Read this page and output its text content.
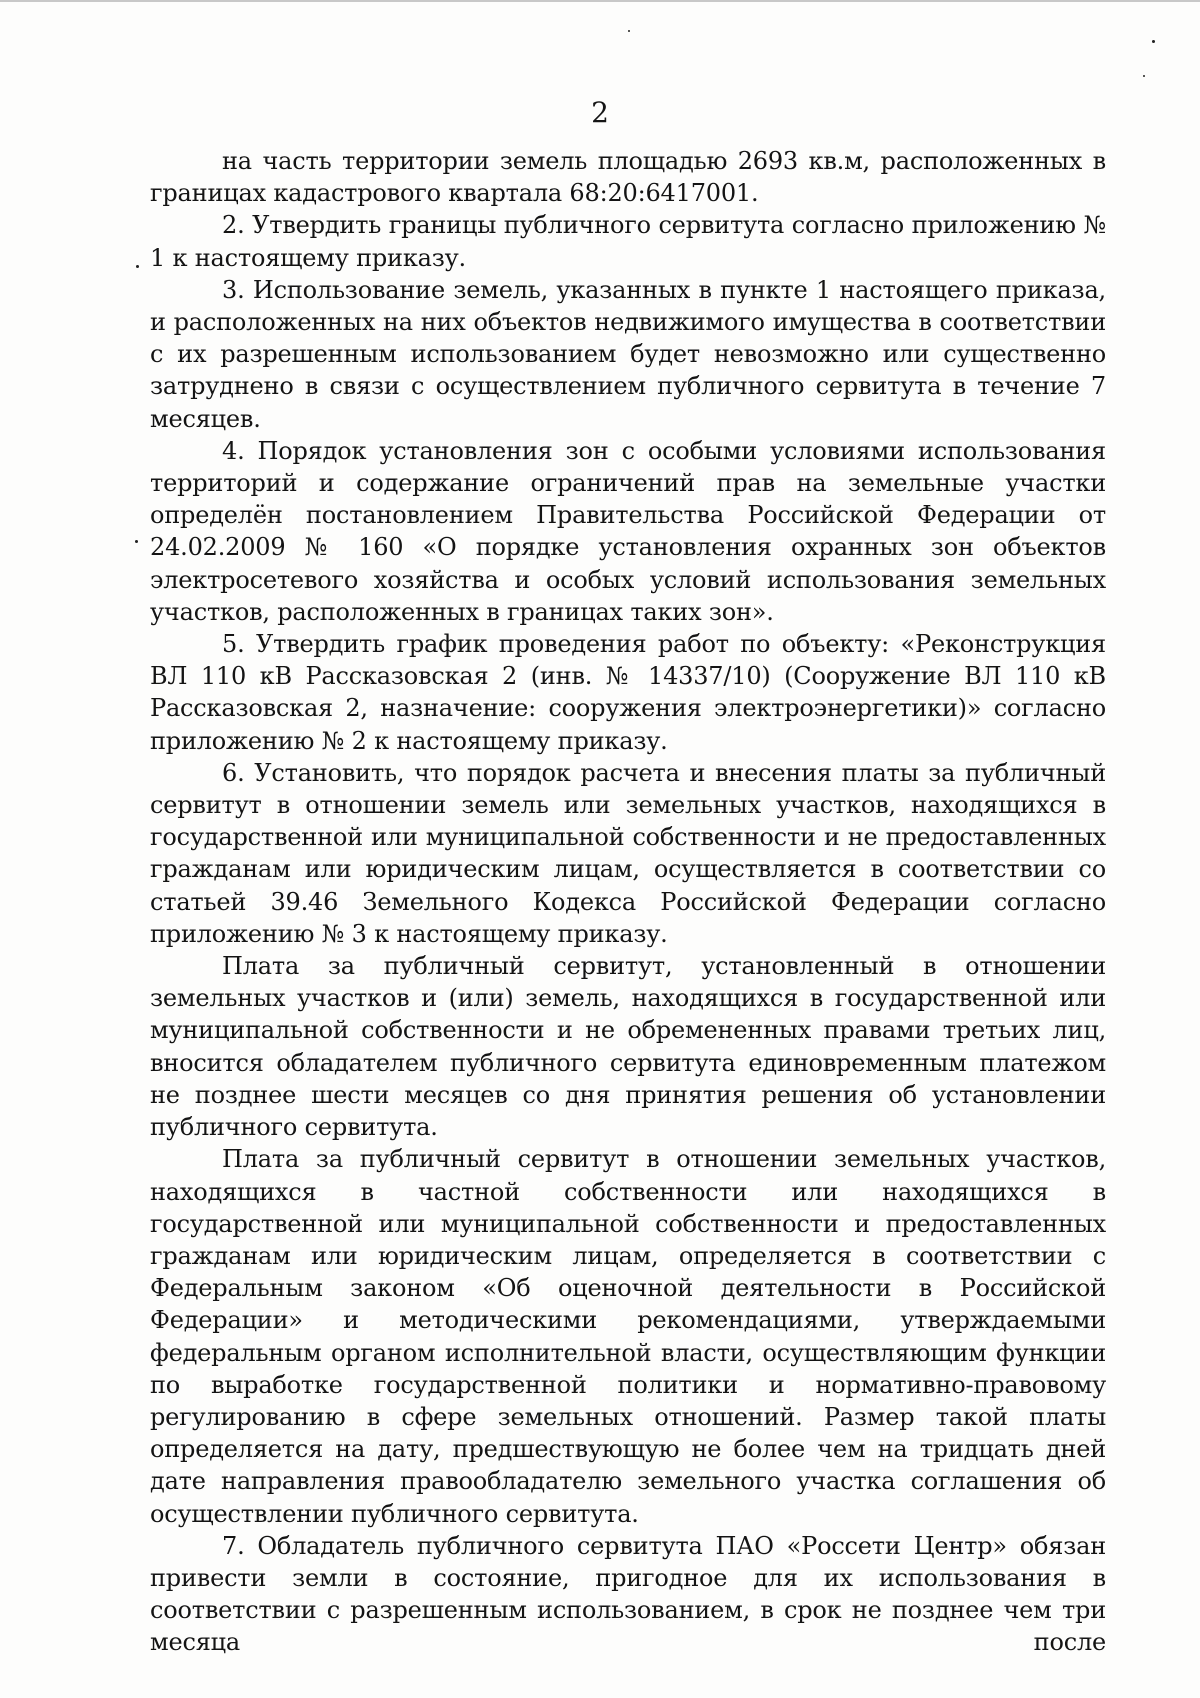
2

на часть территории земель площадью 2693 кв.м, расположенных в границах кадастрового квартала 68:20:6417001.

2. Утвердить границы публичного сервитута согласно приложению № 1 к настоящему приказу.

3. Использование земель, указанных в пункте 1 настоящего приказа, и расположенных на них объектов недвижимого имущества в соответствии с их разрешенным использованием будет невозможно или существенно затруднено в связи с осуществлением публичного сервитута в течение 7 месяцев.

4. Порядок установления зон с особыми условиями использования территорий и содержание ограничений прав на земельные участки определён постановлением Правительства Российской Федерации от 24.02.2009 № 160 «О порядке установления охранных зон объектов электросетевого хозяйства и особых условий использования земельных участков, расположенных в границах таких зон».

5. Утвердить график проведения работ по объекту: «Реконструкция ВЛ 110 кВ Рассказовская 2 (инв. № 14337/10) (Сооружение ВЛ 110 кВ Рассказовская 2, назначение: сооружения электроэнергетики)» согласно приложению № 2 к настоящему приказу.

6. Установить, что порядок расчета и внесения платы за публичный сервитут в отношении земель или земельных участков, находящихся в государственной или муниципальной собственности и не предоставленных гражданам или юридическим лицам, осуществляется в соответствии со статьей 39.46 Земельного Кодекса Российской Федерации согласно приложению № 3 к настоящему приказу.

Плата за публичный сервитут, установленный в отношении земельных участков и (или) земель, находящихся в государственной или муниципальной собственности и не обремененных правами третьих лиц, вносится обладателем публичного сервитута единовременным платежом не позднее шести месяцев со дня принятия решения об установлении публичного сервитута.

Плата за публичный сервитут в отношении земельных участков, находящихся в частной собственности или находящихся в государственной или муниципальной собственности и предоставленных гражданам или юридическим лицам, определяется в соответствии с Федеральным законом «Об оценочной деятельности в Российской Федерации» и методическими рекомендациями, утверждаемыми федеральным органом исполнительной власти, осуществляющим функции по выработке государственной политики и нормативно-правовому регулированию в сфере земельных отношений. Размер такой платы определяется на дату, предшествующую не более чем на тридцать дней дате направления правообладателю земельного участка соглашения об осуществлении публичного сервитута.

7. Обладатель публичного сервитута ПАО «Россети Центр» обязан привести земли в состояние, пригодное для их использования в соответствии с разрешенным использованием, в срок не позднее чем три месяца после
